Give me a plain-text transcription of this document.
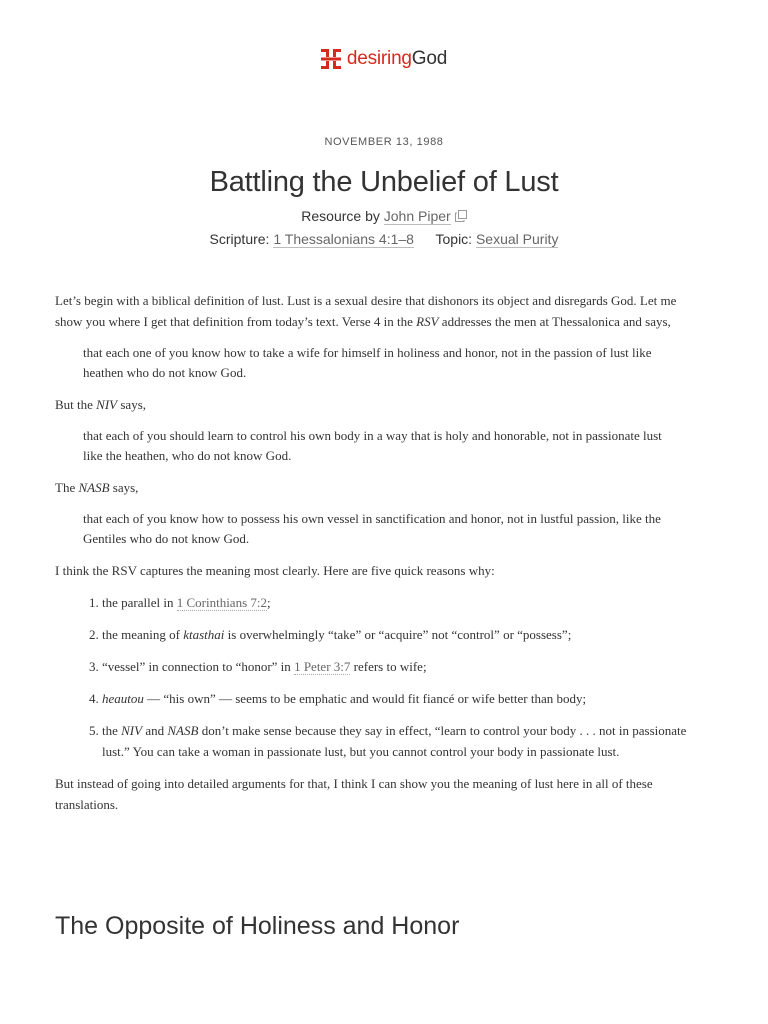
desiringGod
NOVEMBER 13, 1988
Battling the Unbelief of Lust
Resource by John Piper
Scripture: 1 Thessalonians 4:1–8 Topic: Sexual Purity

Let’s begin with a biblical definition of lust. Lust is a sexual desire that dishonors its object and disregards God. Let me show you where I get that definition from today’s text. Verse 4 in the RSV addresses the men at Thessalonica and says,

that each one of you know how to take a wife for himself in holiness and honor, not in the passion of lust like heathen who do not know God.

But the NIV says,

that each of you should learn to control his own body in a way that is holy and honorable, not in passionate lust like the heathen, who do not know God.

The NASB says,

that each of you know how to possess his own vessel in sanctification and honor, not in lustful passion, like the Gentiles who do not know God.

I think the RSV captures the meaning most clearly. Here are five quick reasons why:

1. the parallel in 1 Corinthians 7:2;
2. the meaning of ktasthai is overwhelmingly “take” or “acquire” not “control” or “possess”;
3. “vessel” in connection to “honor” in 1 Peter 3:7 refers to wife;
4. heautou — “his own” — seems to be emphatic and would fit fiancé or wife better than body;
5. the NIV and NASB don’t make sense because they say in effect, “learn to control your body . . . not in passionate lust.” You can take a woman in passionate lust, but you cannot control your body in passionate lust.

But instead of going into detailed arguments for that, I think I can show you the meaning of lust here in all of these translations.

The Opposite of Holiness and Honor
